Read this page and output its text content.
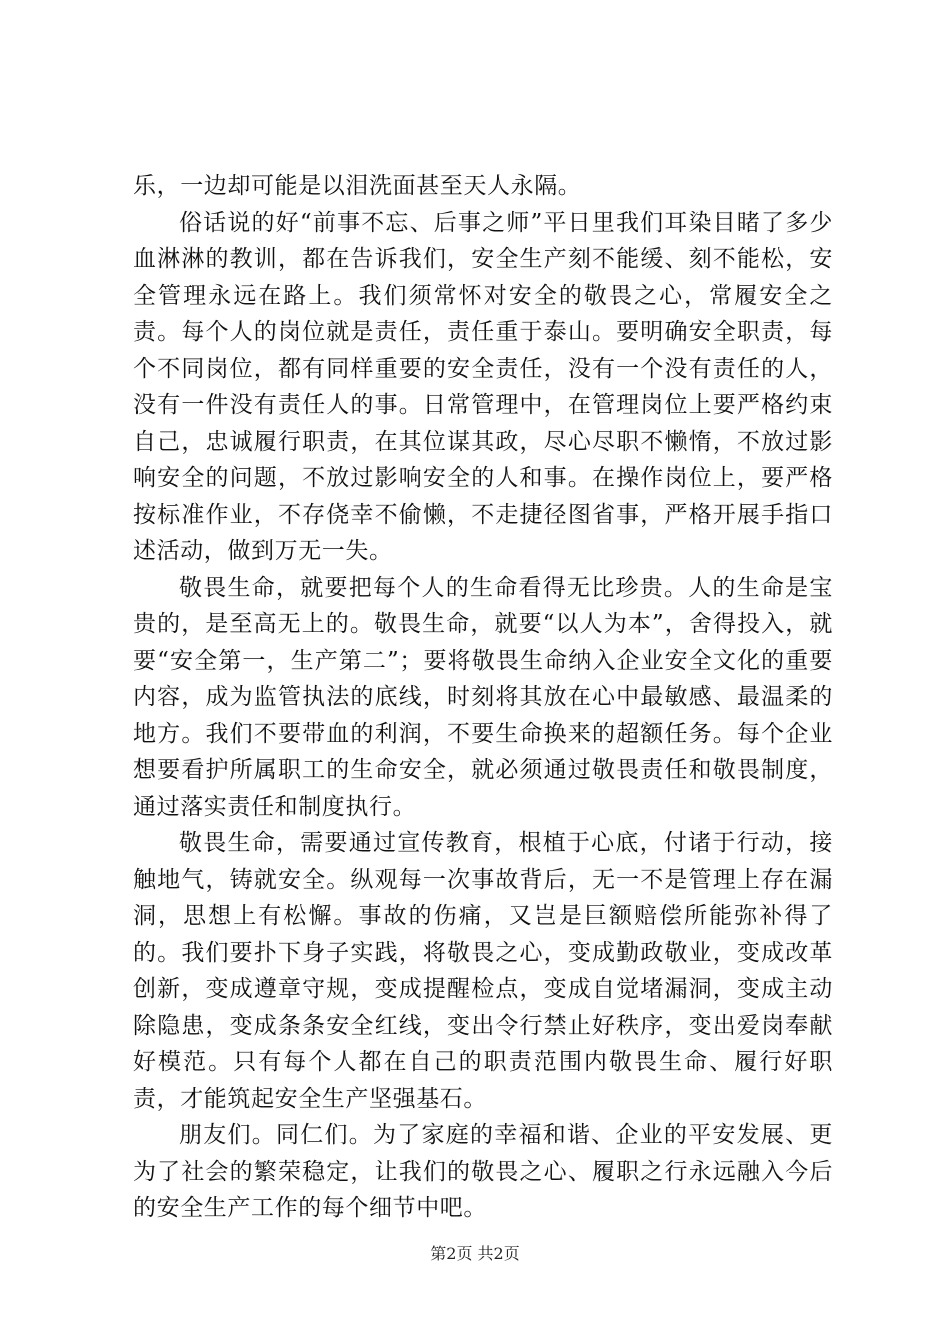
乐，一边却可能是以泪洗面甚至天人永隔。

俗话说的好“前事不忘、后事之师”平日里我们耳染目睹了多少血淋淋的教训，都在告诉我们，安全生产刻不能缓、刻不能松，安全管理永远在路上。我们须常怀对安全的敬畏之心，常履安全之责。每个人的岗位就是责任，责任重于泰山。要明确安全职责，每个不同岗位，都有同样重要的安全责任，没有一个没有责任的人，没有一件没有责任人的事。日常管理中，在管理岗位上要严格约束自己，忠诚履行职责，在其位谋其政，尽心尽职不懒惰，不放过影响安全的问题，不放过影响安全的人和事。在操作岗位上，要严格按标准作业，不存侥幸不偷懒，不走捷径图省事，严格开展手指口述活动，做到万无一失。

敬畏生命，就要把每个人的生命看得无比珍贵。人的生命是宝贵的，是至高无上的。敬畏生命，就要“以人为本”，舍得投入，就要“安全第一，生产第二”；要将敬畏生命纳入企业安全文化的重要内容，成为监管执法的底线，时刻将其放在心中最敏感、最温柔的地方。我们不要带血的利润，不要生命换来的超额任务。每个企业想要看护所属职工的生命安全，就必须通过敬畏责任和敬畏制度，通过落实责任和制度执行。

敬畏生命，需要通过宣传教育，根植于心底，付诸于行动，接触地气，铸就安全。纵观每一次事故背后，无一不是管理上存在漏洞，思想上有松懈。事故的伤痛，又岂是巨额赔偿所能弥补得了的。我们要扑下身子实践，将敬畏之心，变成勤政敬业，变成改革创新，变成遵章守规，变成提醒检点，变成自觉堵漏洞，变成主动除隐患，变成条条安全红线，变出令行禁止好秩序，变出爱岗奉献好模范。只有每个人都在自己的职责范围内敬畏生命、履行好职责，才能筑起安全生产坚强基石。

朋友们。同仁们。为了家庭的幸福和谐、企业的平安发展、更为了社会的繁荣稳定，让我们的敬畏之心、履职之行永远融入今后的安全生产工作的每个细节中吧。

第2页 共2页
